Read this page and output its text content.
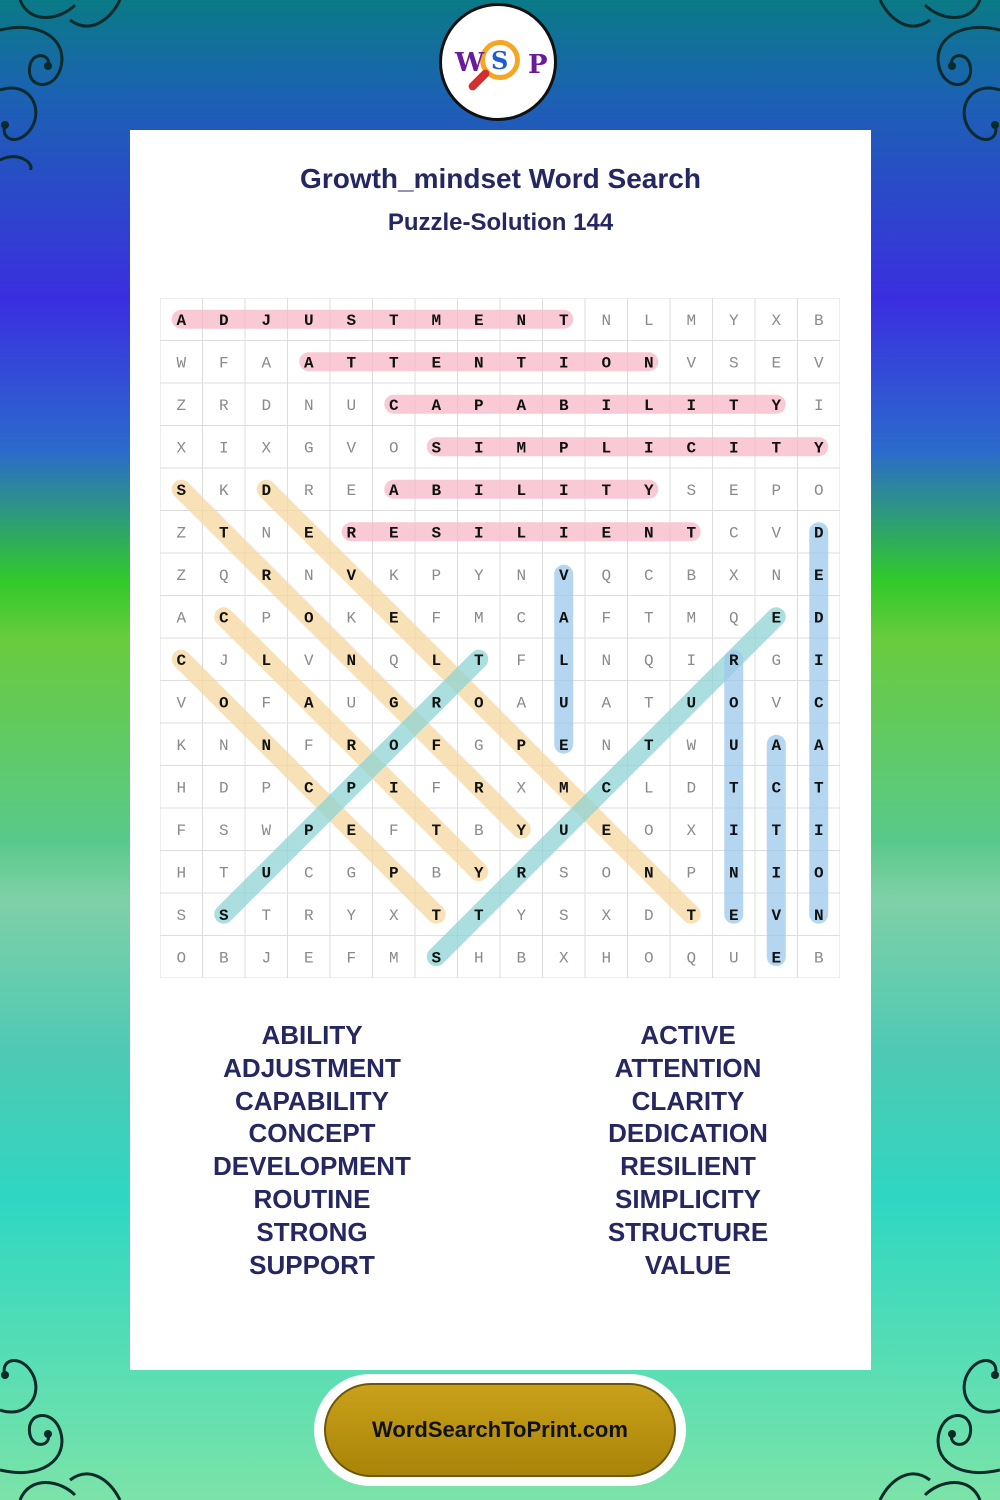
W S P
Growth_mindset Word Search
Puzzle-Solution 144
A D J U S T M E N T N L M Y X B
W F A A T T E N T I O N V S E V
Z R D N U C A P A B I L I T Y I
X I X G V O S I M P L I C I T Y
S K D R E A B I L I T Y S E P O
Z T N E R E S I L I E N T C V D
Z Q R N V K P Y N V Q C B X N E
A C P O K E F M C A F T M Q E D
C J L V N Q L T F L N Q I R G I
V O F A U G R O A U A T U O V C
K N N F R O F G P E N T W U A A
H D P C P I F R X M C L D T C T
F S W P E F T B Y U E O X I T I
H T U C G P B Y R S O N P N I O
S S T R Y X T T Y S X D T E V N
O B J E F M S H B X H O Q U E B
ABILITY
ADJUSTMENT
CAPABILITY
CONCEPT
DEVELOPMENT
ROUTINE
STRONG
SUPPORT
ACTIVE
ATTENTION
CLARITY
DEDICATION
RESILIENT
SIMPLICITY
STRUCTURE
VALUE
WordSearchToPrint.com
